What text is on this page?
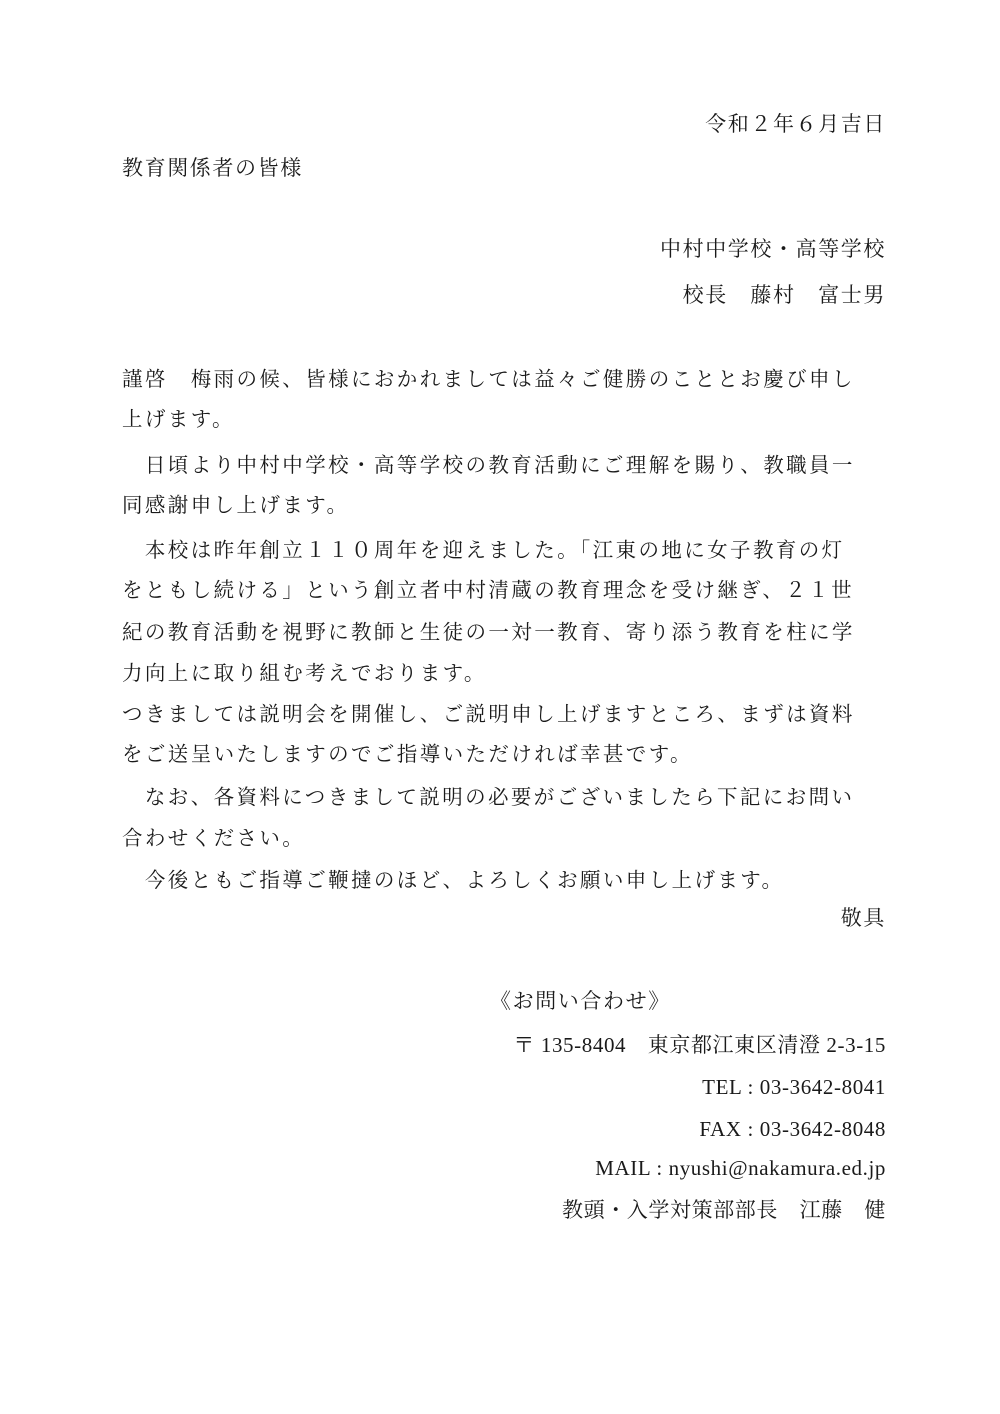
令和２年６月吉日
教育関係者の皆様
中村中学校・高等学校
校長　藤村　富士男
謹啓　梅雨の候、皆様におかれましては益々ご健勝のこととお慶び申し
上げます。
　日頃より中村中学校・高等学校の教育活動にご理解を賜り、教職員一
同感謝申し上げます。
　本校は昨年創立１１０周年を迎えました。「江東の地に女子教育の灯
をともし続ける」という創立者中村清蔵の教育理念を受け継ぎ、２１世
紀の教育活動を視野に教師と生徒の一対一教育、寄り添う教育を柱に学
力向上に取り組む考えでおります。
つきましては説明会を開催し、ご説明申し上げますところ、まずは資料
をご送呈いたしますのでご指導いただければ幸甚です。
　なお、各資料につきまして説明の必要がございましたら下記にお問い
合わせください。
　今後ともご指導ご鞭撻のほど、よろしくお願い申し上げます。
敬具
《お問い合わせ》
〒 135-8404　東京都江東区清澄 2-3-15
TEL : 03-3642-8041
FAX : 03-3642-8048
MAIL : nyushi@nakamura.ed.jp
教頭・入学対策部部長　江藤　健
